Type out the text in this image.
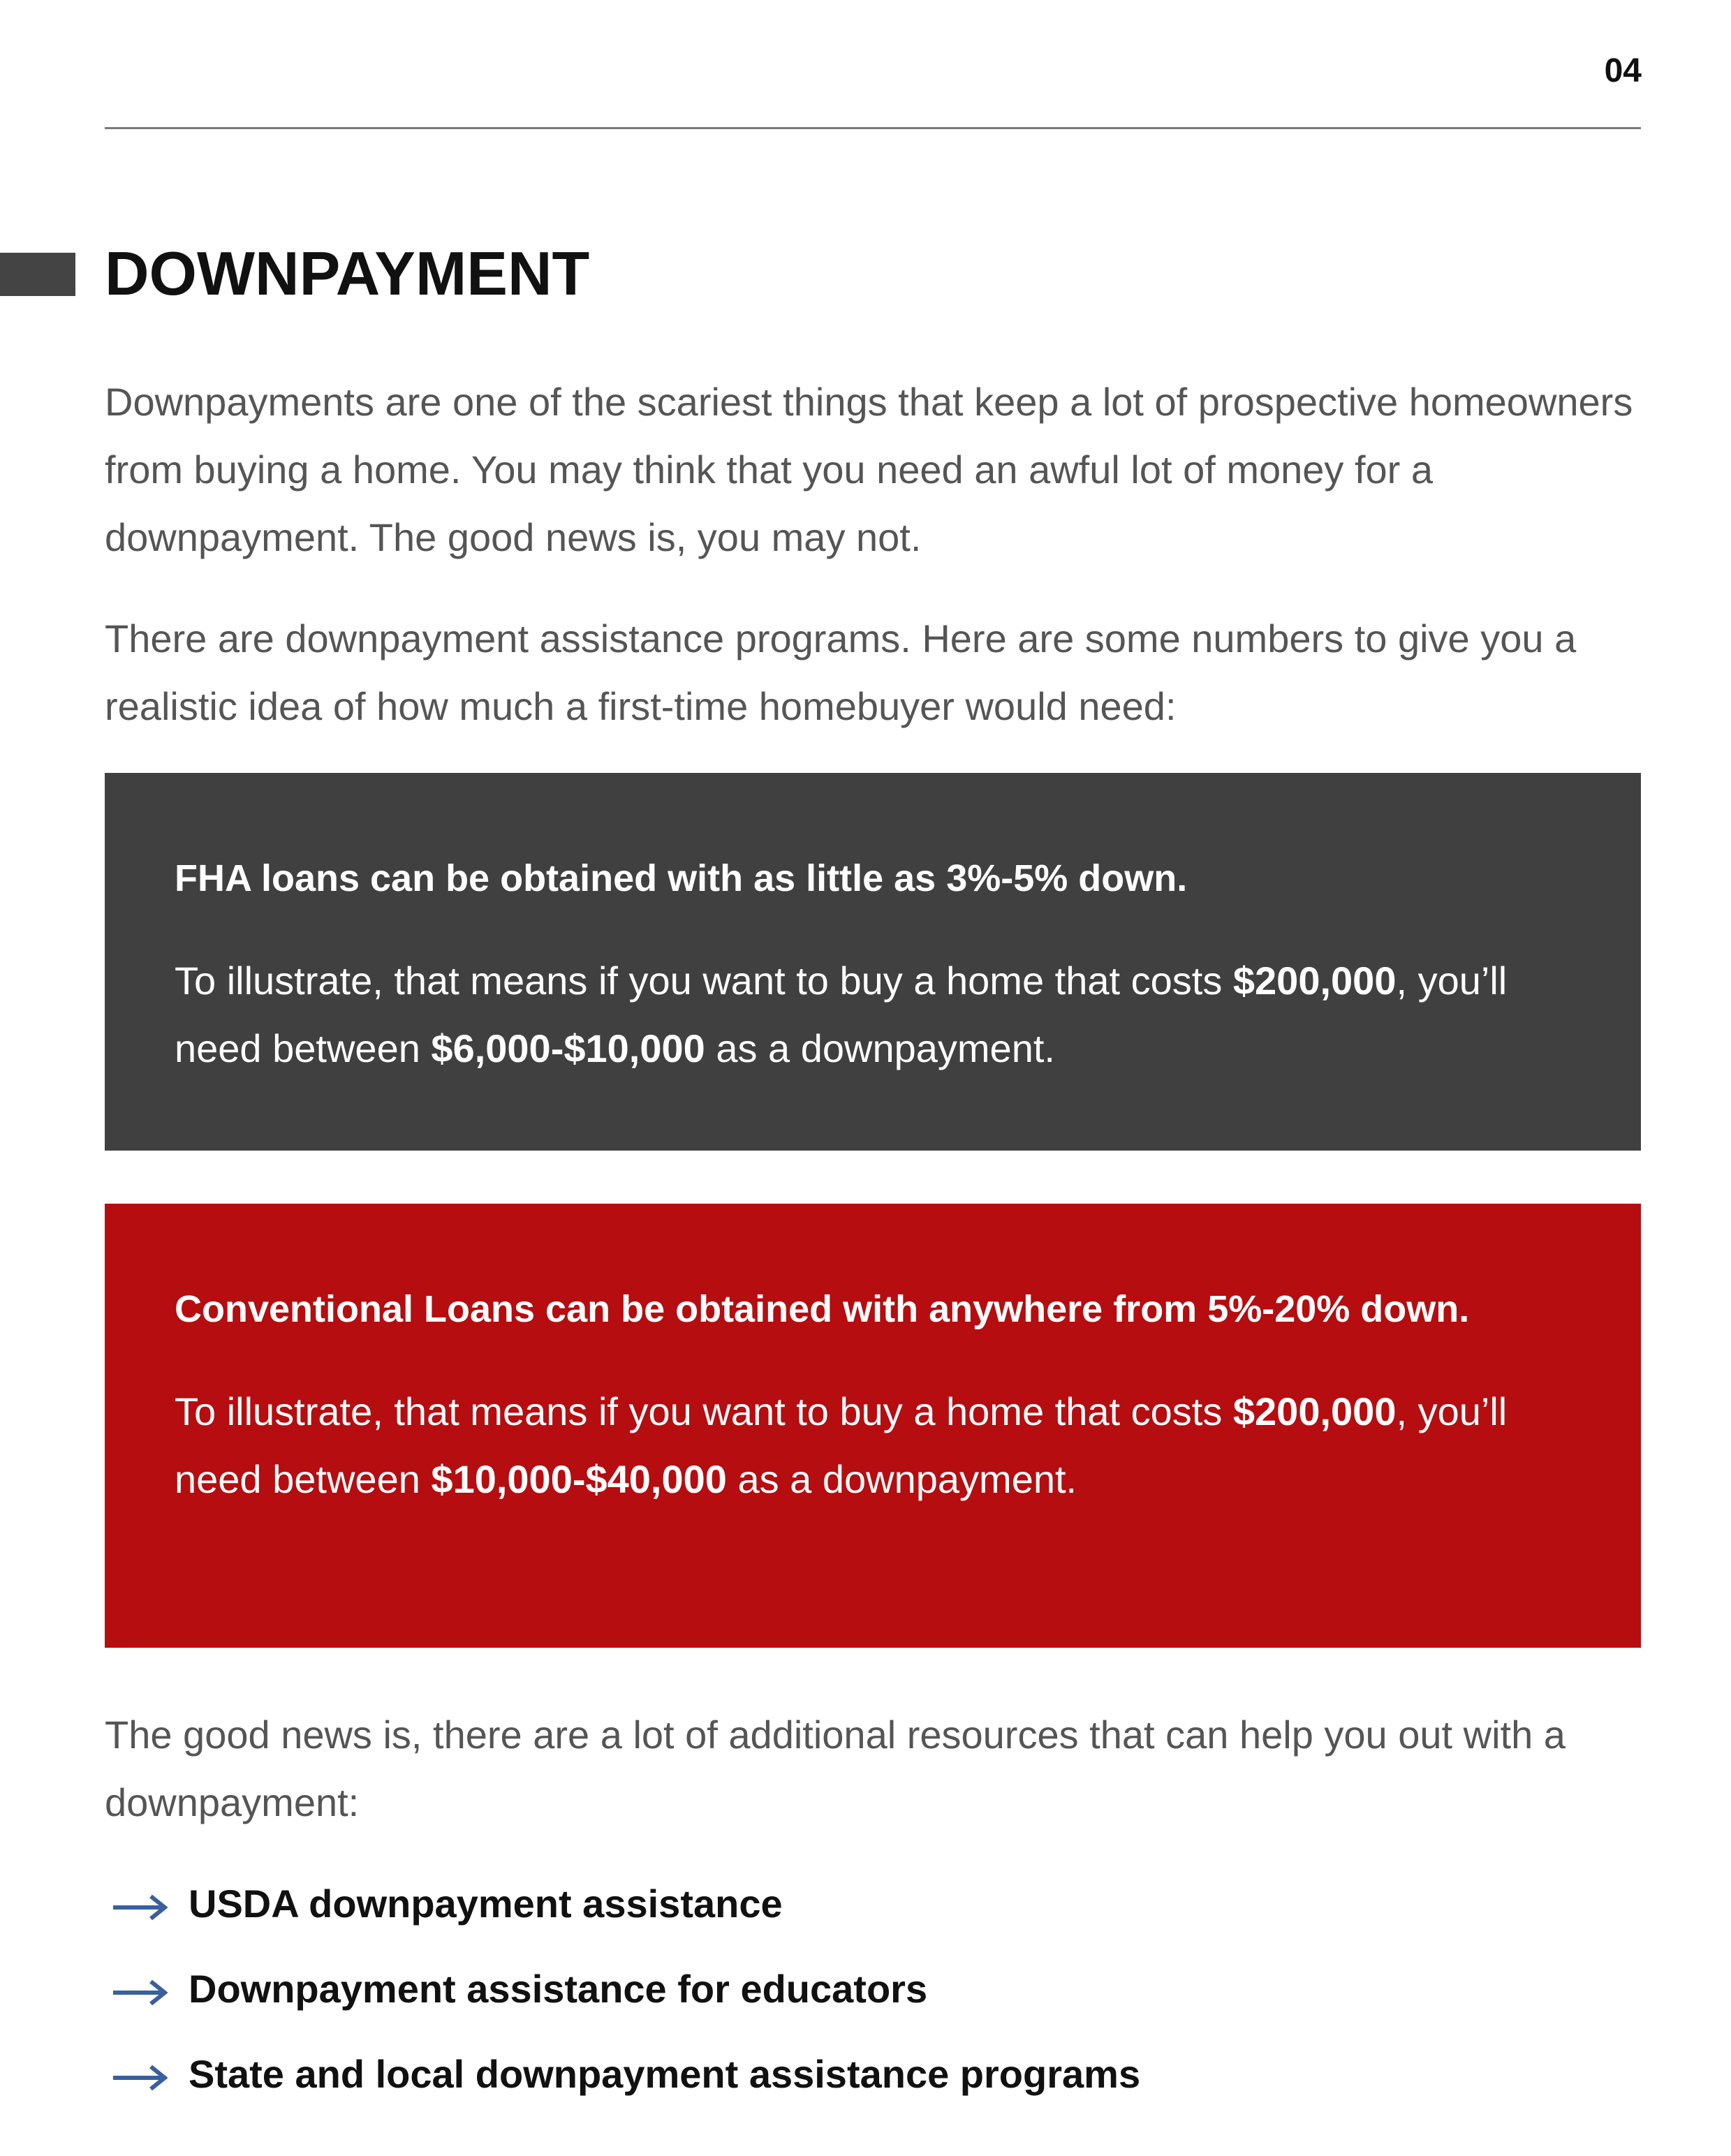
04
DOWNPAYMENT

Downpayments are one of the scariest things that keep a lot of prospective homeowners from buying a home. You may think that you need an awful lot of money for a downpayment. The good news is, you may not.

There are downpayment assistance programs. Here are some numbers to give you a realistic idea of how much a first-time homebuyer would need:

FHA loans can be obtained with as little as 3%-5% down.

To illustrate, that means if you want to buy a home that costs $200,000, you’ll need between $6,000-$10,000 as a downpayment.

Conventional Loans can be obtained with anywhere from 5%-20% down.

To illustrate, that means if you want to buy a home that costs $200,000, you’ll need between $10,000-$40,000 as a downpayment.

The good news is, there are a lot of additional resources that can help you out with a downpayment:

USDA downpayment assistance
Downpayment assistance for educators
State and local downpayment assistance programs
